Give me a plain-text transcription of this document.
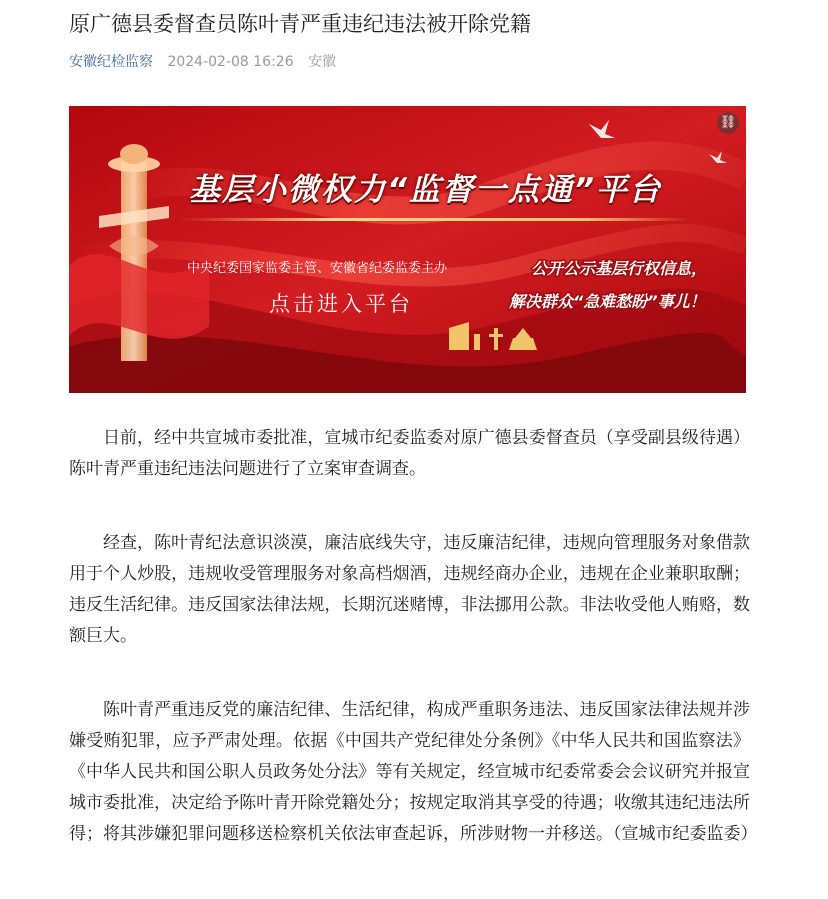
原广德县委督查员陈叶青严重违纪违法被开除党籍
安徽纪检监察 2024-02-08 16:26 安徽
基层小微权力“监督一点通”平台
中央纪委国家监委主管、安徽省纪委监委主办
点击进入平台
公开公示基层行权信息，
解决群众“急难愁盼”事儿！
⛓

日前，经中共宣城市委批准，宣城市纪委监委对原广德县委督查员（享受副县级待遇）陈叶青严重违纪违法问题进行了立案审查调查。

经查，陈叶青纪法意识淡漠，廉洁底线失守，违反廉洁纪律，违规向管理服务对象借款用于个人炒股，违规收受管理服务对象高档烟酒，违规经商办企业，违规在企业兼职取酬；违反生活纪律。违反国家法律法规，长期沉迷赌博，非法挪用公款。非法收受他人贿赂，数额巨大。

陈叶青严重违反党的廉洁纪律、生活纪律，构成严重职务违法、违反国家法律法规并涉嫌受贿犯罪，应予严肃处理。依据《中国共产党纪律处分条例》《中华人民共和国监察法》《中华人民共和国公职人员政务处分法》等有关规定，经宣城市纪委常委会会议研究并报宣城市委批准，决定给予陈叶青开除党籍处分；按规定取消其享受的待遇；收缴其违纪违法所得；将其涉嫌犯罪问题移送检察机关依法审查起诉，所涉财物一并移送。（宣城市纪委监委）
